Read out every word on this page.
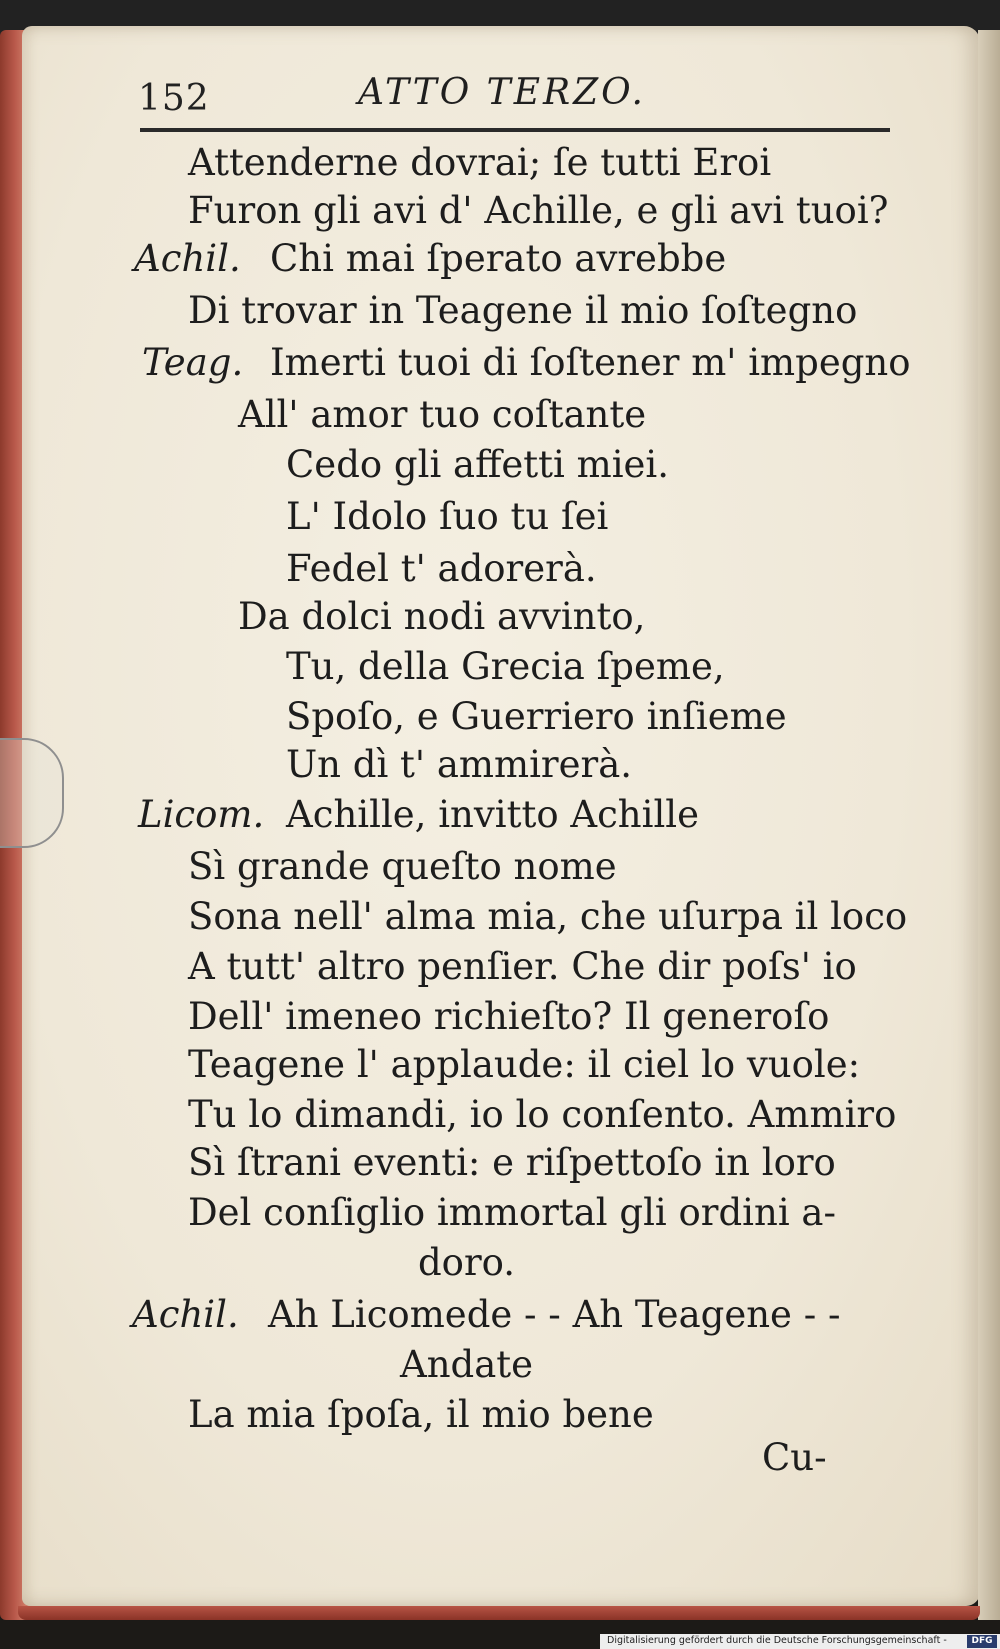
152	ATTO TERZO.
Achil.
Teag.
Licom.
Achil.
Attenderne dovrai; ſe tutti Eroi
Furon gli avi d' Achille, e gli avi tuoi?
Chi mai ſperato avrebbe
Di trovar in Teagene il mio ſoſtegno
Imerti tuoi di ſoſtener m' impegno
All' amor tuo coſtante
Cedo gli affetti miei.
L' Idolo ſuo tu ſei
Fedel t' adorerà.
Da dolci nodi avvinto,
Tu, della Grecia ſpeme,
Spoſo, e Guerriero inſieme
Un dì t' ammirerà.
Achille, invitto Achille
Sì grande queſto nome
Sona nell' alma mia, che uſurpa il loco
A tutt' altro penſier. Che dir poſs' io
Dell' imeneo richieſto? Il generoſo
Teagene l' applaude: il ciel lo vuole:
Tu lo dimandi, io lo conſento. Ammiro
Sì ſtrani eventi: e riſpettoſo in loro
Del conſiglio immortal gli ordini a-
doro.
Ah Licomede - - Ah Teagene - -
Andate
La mia ſpoſa, il mio bene
Cu-
Digitalisierung gefördert durch die Deutsche Forschungsgemeinschaft -	DFG
